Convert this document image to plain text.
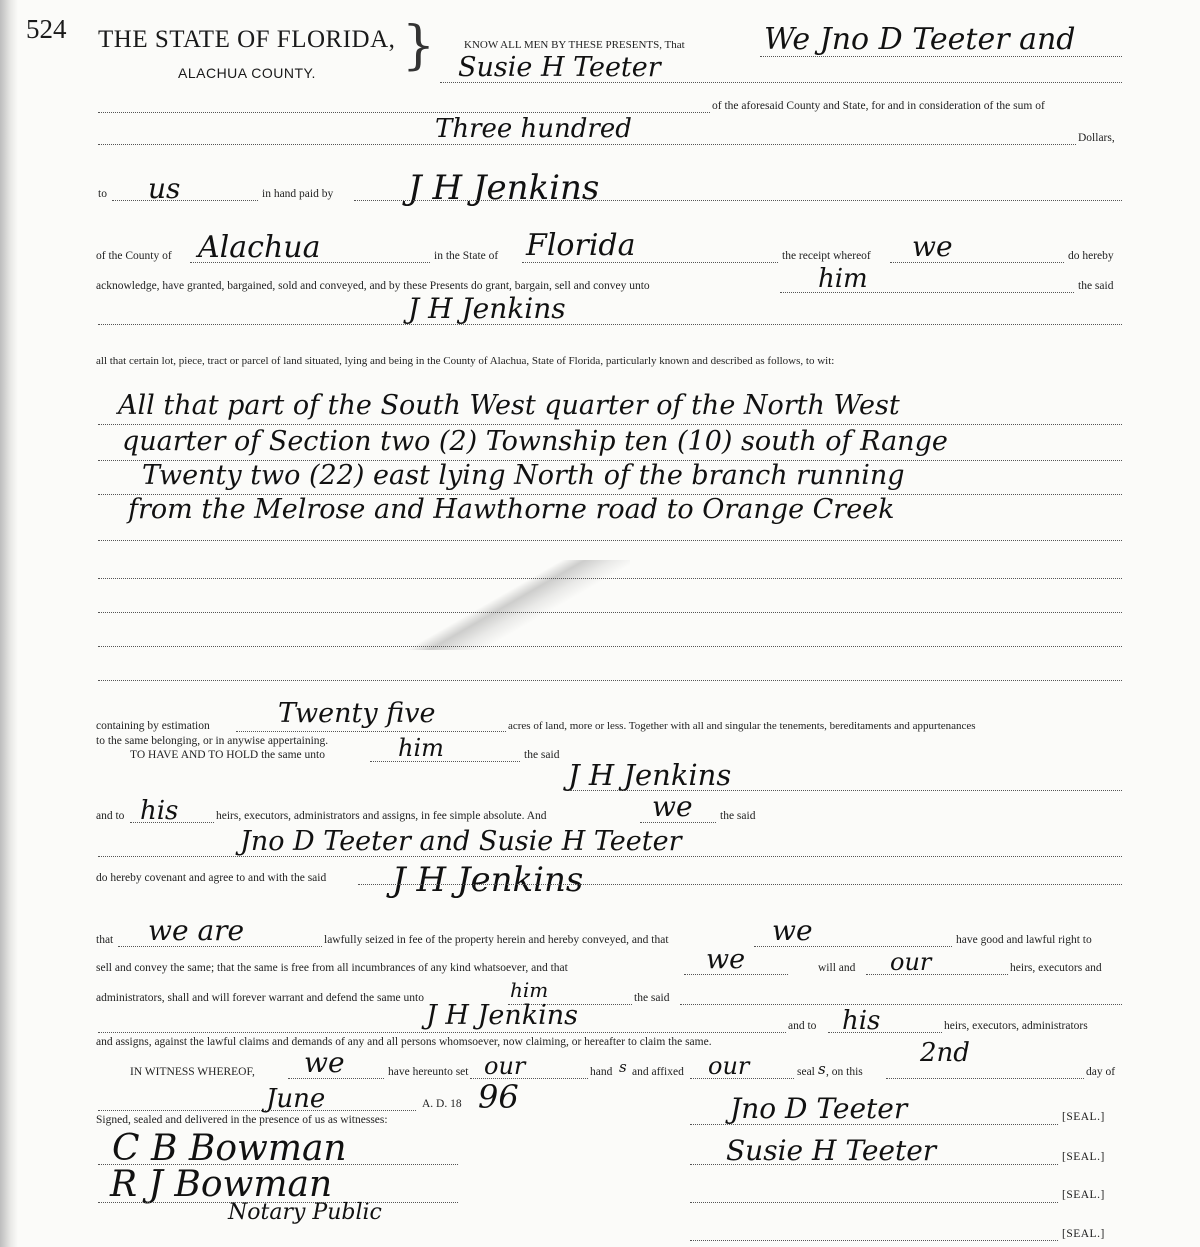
524 THE STATE OF FLORIDA, }
ALACHUA COUNTY.
KNOW ALL MEN BY THESE PRESENTS, That	We Jno D Teeter and
Susie H Teeter
of the aforesaid County and State, for and in consideration of the sum of
Three hundred	Dollars,
to us	in hand paid by J H Jenkins
of the County of Alachua	in the State of Florida	the receipt whereof we	do hereby
acknowledge, have granted, bargained, sold and conveyed, and by these Presents do grant, bargain, sell and convey unto	him	the said
J H Jenkins
all that certain lot, piece, tract or parcel of land situated, lying and being in the County of Alachua, State of Florida, particularly known and described as follows, to wit:
All that part of the South West quarter of the North West
quarter of Section two (2) Township ten (10) south of Range
Twenty two (22) east lying North of the branch running
from the Melrose and Hawthorne road to Orange Creek
containing by estimation	Twenty five	acres of land, more or less. Together with all and singular the tenements, bereditaments and appurtenances
to the same belonging, or in anywise appertaining.
TO HAVE AND TO HOLD the same unto	him	the said
J H Jenkins
and to his	heirs, executors, administrators and assigns, in fee simple absolute. And	we the said
Jno D Teeter and Susie H Teeter
do hereby covenant and agree to and with the said J H Jenkins
that we are	lawfully seized in fee of the property herein and hereby conveyed, and that	we	have good and lawful right to
sell and convey the same; that the same is free from all incumbrances of any kind whatsoever, and that	we	will and our	heirs, executors and
administrators, shall and will forever warrant and defend the same unto	him	the said
J H Jenkins	and to his	heirs, executors, administrators
and assigns, against the lawful claims and demands of any and all persons whomsoever, now claiming, or hereafter to claim the same.
IN WITNESS WHEREOF, we	have hereunto set our	hand s and affixed our	seal s , on this
2nd
day of
June	A. D. 18 96
Signed, sealed and delivered in the presence of us as witnesses:	Jno D Teeter	[SEAL.]
Susie H Teeter	[SEAL.]
[SEAL.]
[SEAL.]
C B Bowman
R J Bowman
Notary Public
